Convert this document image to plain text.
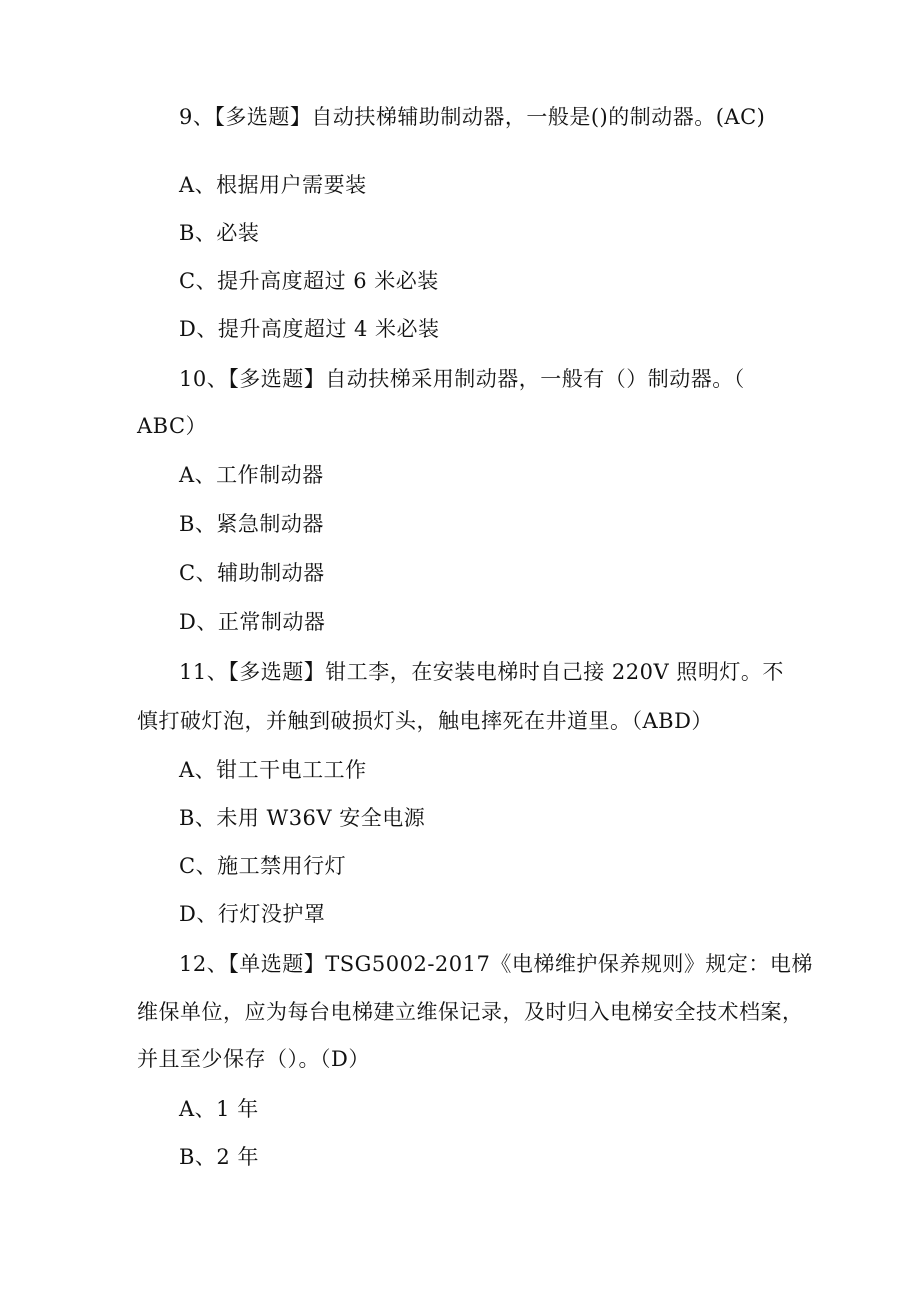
9、【多选题】自动扶梯辅助制动器，一般是()的制动器。(AC)
A、根据用户需要装
B、必装
C、提升高度超过 6 米必装
D、提升高度超过 4 米必装
10、【多选题】自动扶梯采用制动器，一般有（）制动器。（
ABC）
A、工作制动器
B、紧急制动器
C、辅助制动器
D、正常制动器
11、【多选题】钳工李，在安装电梯时自己接 220V 照明灯。不
慎打破灯泡，并触到破损灯头，触电摔死在井道里。（ABD）
A、钳工干电工工作
B、未用 W36V 安全电源
C、施工禁用行灯
D、行灯没护罩
12、【单选题】TSG5002-2017《电梯维护保养规则》规定：电梯
维保单位，应为每台电梯建立维保记录，及时归入电梯安全技术档案，
并且至少保存（）。（D）
A、1 年
B、2 年
